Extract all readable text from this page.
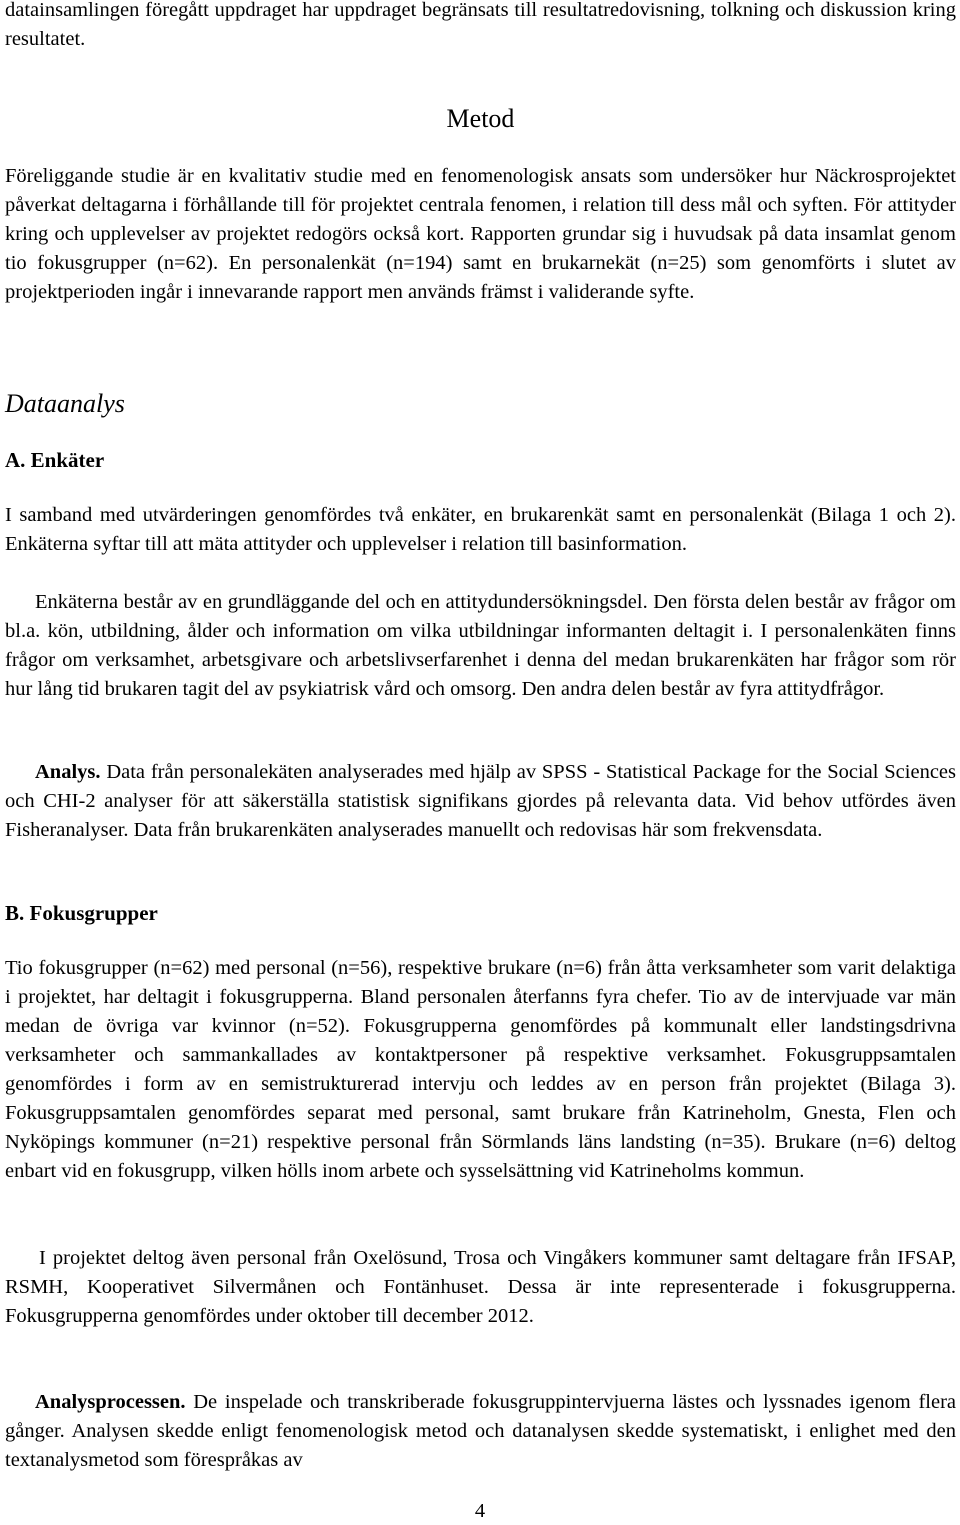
datainsamlingen föregått uppdraget har uppdraget begränsats till resultatredovisning, tolkning och diskussion kring resultatet.

Metod

Föreliggande studie är en kvalitativ studie med en fenomenologisk ansats som undersöker hur Näckrosprojektet påverkat deltagarna i förhållande till för projektet centrala fenomen, i relation till dess mål och syften. För attityder kring och upplevelser av projektet redogörs också kort. Rapporten grundar sig i huvudsak på data insamlat genom tio fokusgrupper (n=62). En personalenkät (n=194) samt en brukarnekät (n=25) som genomförts i slutet av projektperioden ingår i innevarande rapport men används främst i validerande syfte.

Dataanalys
A. Enkäter

I samband med utvärderingen genomfördes två enkäter, en brukarenkät samt en personalenkät (Bilaga 1 och 2). Enkäterna syftar till att mäta attityder och upplevelser i relation till basinformation.

Enkäterna består av en grundläggande del och en attitydundersökningsdel. Den första delen består av frågor om bl.a. kön, utbildning, ålder och information om vilka utbildningar informanten deltagit i. I personalenkäten finns frågor om verksamhet, arbetsgivare och arbetslivserfarenhet i denna del medan brukarenkäten har frågor som rör hur lång tid brukaren tagit del av psykiatrisk vård och omsorg. Den andra delen består av fyra attitydfrågor.

Analys. Data från personalekäten analyserades med hjälp av SPSS - Statistical Package for the Social Sciences och CHI-2 analyser för att säkerställa statistisk signifikans gjordes på relevanta data. Vid behov utfördes även Fisheranalyser. Data från brukarenkäten analyserades manuellt och redovisas här som frekvensdata.

B. Fokusgrupper

Tio fokusgrupper (n=62) med personal (n=56), respektive brukare (n=6) från åtta verksamheter som varit delaktiga i projektet, har deltagit i fokusgrupperna. Bland personalen återfanns fyra chefer. Tio av de intervjuade var män medan de övriga var kvinnor (n=52). Fokusgrupperna genomfördes på kommunalt eller landstingsdrivna verksamheter och sammankallades av kontaktpersoner på respektive verksamhet. Fokusgruppsamtalen genomfördes i form av en semistrukturerad intervju och leddes av en person från projektet (Bilaga 3). Fokusgruppsamtalen genomfördes separat med personal, samt brukare från Katrineholm, Gnesta, Flen och Nyköpings kommuner (n=21) respektive personal från Sörmlands läns landsting (n=35). Brukare (n=6) deltog enbart vid en fokusgrupp, vilken hölls inom arbete och sysselsättning vid Katrineholms kommun.

I projektet deltog även personal från Oxelösund, Trosa och Vingåkers kommuner samt deltagare från IFSAP, RSMH, Kooperativet Silvermånen och Fontänhuset. Dessa är inte representerade i fokusgrupperna. Fokusgrupperna genomfördes under oktober till december 2012.

Analysprocessen. De inspelade och transkriberade fokusgruppintervjuerna lästes och lyssnades igenom flera gånger. Analysen skedde enligt fenomenologisk metod och datanalysen skedde systematiskt, i enlighet med den textanalysmetod som förespråkas av

4
